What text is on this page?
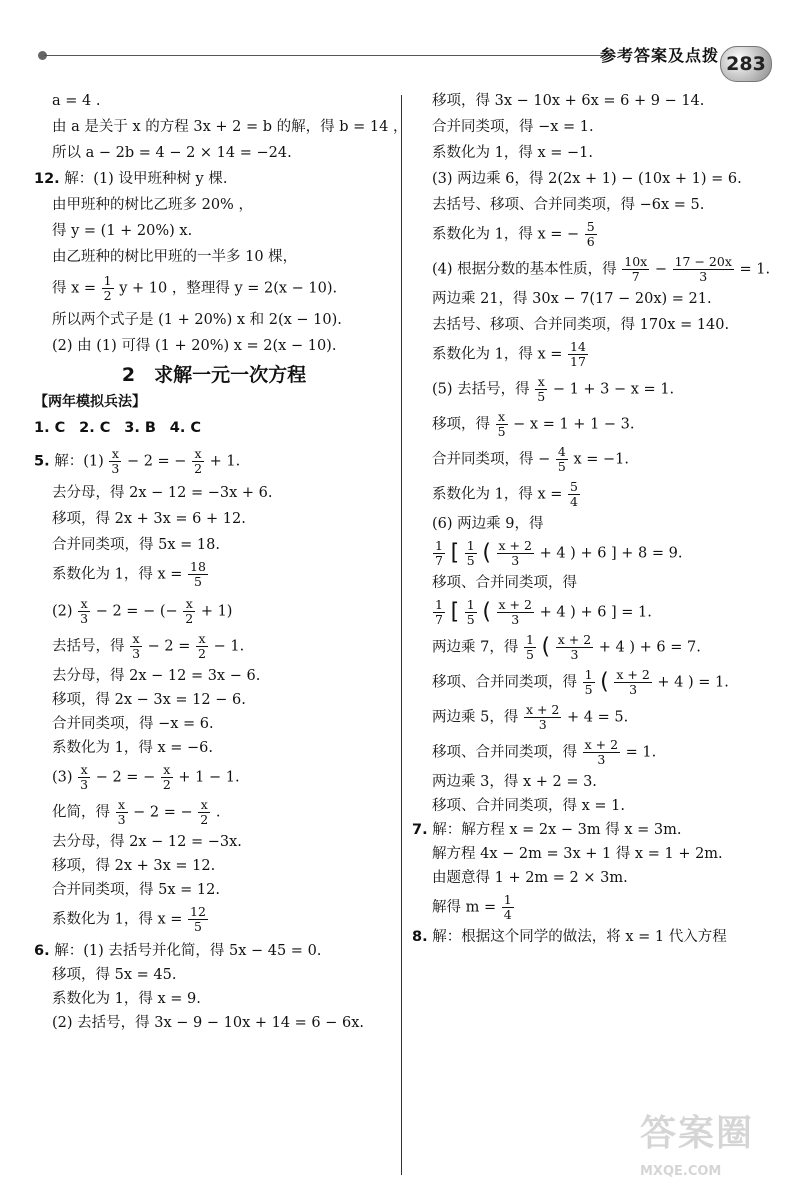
参考答案及点拨 283
a = 4 .
由 a 是关于 x 的方程 3x + 2 = b 的解，得 b = 14 ，
所以 a − 2b = 4 − 2 × 14 = −24.
12. 解：(1) 设甲班种树 y 棵.
由甲班种的树比乙班多 20% ，
得 y = (1 + 20%) x.
由乙班种的树比甲班的一半多 10 棵，
得 $x = \frac{1}{2}$ y + 10 ，整理得 y = 2(x − 10).
所以两个式子是 (1 + 20%) x 和 2(x − 10).
(2) 由 (1) 可得 (1 + 20%) x = 2(x − 10).
2　求解一元一次方程
【两年模拟兵法】
1. C 2. C 3. B 4. C
5. 解：$(1) \frac{x}{3} - 2$ = − $\frac{x}{2} + 1$.
去分母，得 2x − 12 = −3x + 6.
移项，得 2x + 3x = 6 + 12.
合并同类项，得 5x = 18.
系数化为 1，得 $x = \frac{18}{5}$
$(2) \frac{x}{3} - 2$ = − (− $\frac{x}{2} + 1$)
去括号，得 $\frac{x}{3} - 2 = \frac{x}{2} - 1$.
去分母，得 2x − 12 = 3x − 6.
移项，得 2x − 3x = 12 − 6.
合并同类项，得 −x = 6.
系数化为 1，得 x = −6.
$(3) \frac{x}{3} - 2$ = − $\frac{x}{2} + 1 - 1$.
化简，得 $\frac{x}{3} - 2$ = − $\frac{x}{2}$ .
去分母，得 2x − 12 = −3x.
移项，得 2x + 3x = 12.
合并同类项，得 5x = 12.
系数化为 1，得 $x = \frac{12}{5}$
6. 解：(1) 去括号并化简，得 5x − 45 = 0.
移项，得 5x = 45.
系数化为 1，得 x = 9.
(2) 去括号，得 3x − 9 − 10x + 14 = 6 − 6x.
移项，得 3x − 10x + 6x = 6 + 9 − 14.
合并同类项，得 −x = 1.
系数化为 1，得 x = −1.
(3) 两边乘 6，得 2(2x + 1) − (10x + 1) = 6.
去括号、移项、合并同类项，得 −6x = 5.
系数化为 1，得 x = − $\frac{5}{6}$
(4) 根据分数的基本性质，得 $\frac{10x}{7} - \frac{17 - 20x}{3} = 1$.
两边乘 21，得 30x − 7(17 − 20x) = 21.
去括号、移项、合并同类项，得 170x = 140.
系数化为 1，得 $x = \frac{14}{17}$
(5) 去括号，得 $\frac{x}{5} - 1 + 3 - x = 1$.
移项，得 $\frac{x}{5} - x = 1 + 1 - 3$.
合并同类项，得 − $\frac{4}{5}$ x = −1.
系数化为 1，得 $x = \frac{5}{4}$
(6) 两边乘 9，得
$\frac{1}{7}$ [ $\frac{1}{5}$ ( $\frac{x + 2}{3} + 4$ ) + 6 ] + 8 = 9.
移项、合并同类项，得
$\frac{1}{7}$ [ $\frac{1}{5}$ ( $\frac{x + 2}{3} + 4$ ) + 6 ] = 1.
两边乘 7，得 $\frac{1}{5}$ ( $\frac{x + 2}{3} + 4$ ) + 6 = 7.
移项、合并同类项，得 $\frac{1}{5}$ ( $\frac{x + 2}{3} + 4$ ) = 1.
两边乘 5，得 $\frac{x + 2}{3} + 4 = 5$.
移项、合并同类项，得 $\frac{x + 2}{3} = 1$.
两边乘 3，得 x + 2 = 3.
移项、合并同类项，得 x = 1.
7. 解：解方程 x = 2x − 3m 得 x = 3m.
解方程 4x − 2m = 3x + 1 得 x = 1 + 2m.
由题意得 1 + 2m = 2 × 3m.
解得 $m = \frac{1}{4}$
8. 解：根据这个同学的做法，将 x = 1 代入方程
答案圈
MXQE.COM
